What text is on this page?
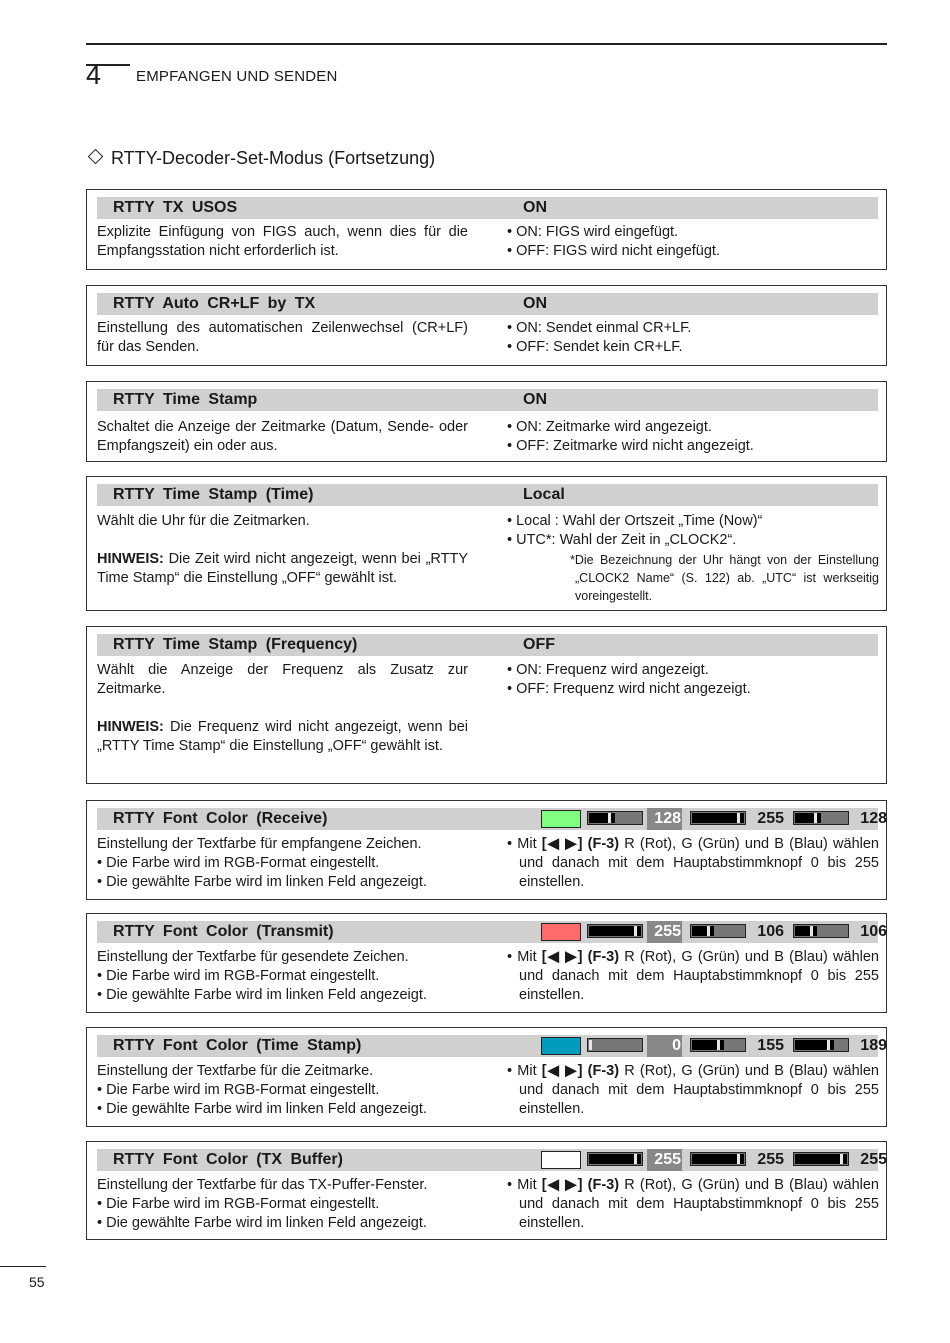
4 EMPFANGEN UND SENDEN
RTTY-Decoder-Set-Modus (Fortsetzung)
RTTY TX USOS	ON
Explizite Einfügung von FIGS auch, wenn dies für die Empfangsstation nicht erforderlich ist.
• ON: FIGS wird eingefügt.
• OFF: FIGS wird nicht eingefügt.
RTTY Auto CR+LF by TX	ON
Einstellung des automatischen Zeilenwechsel (CR+LF) für das Senden.
• ON: Sendet einmal CR+LF.
• OFF: Sendet kein CR+LF.
RTTY Time Stamp	ON
Schaltet die Anzeige der Zeitmarke (Datum, Sende- oder Empfangszeit) ein oder aus.
• ON: Zeitmarke wird angezeigt.
• OFF: Zeitmarke wird nicht angezeigt.
RTTY Time Stamp (Time)	Local
Wählt die Uhr für die Zeitmarken.
HINWEIS: Die Zeit wird nicht angezeigt, wenn bei „RTTY Time Stamp“ die Einstellung „OFF“ gewählt ist.
• Local : Wahl der Ortszeit „Time (Now)“
• UTC*: Wahl der Zeit in „CLOCK2“.
*Die Bezeichnung der Uhr hängt von der Einstellung „CLOCK2 Name“ (S. 122) ab. „UTC“ ist werkseitig voreingestellt.
RTTY Time Stamp (Frequency)	OFF
Wählt die Anzeige der Frequenz als Zusatz zur Zeitmarke.
HINWEIS: Die Frequenz wird nicht angezeigt, wenn bei „RTTY Time Stamp“ die Einstellung „OFF“ gewählt ist.
• ON: Frequenz wird angezeigt.
• OFF: Frequenz wird nicht angezeigt.
RTTY Font Color (Receive)	128	255	128
Einstellung der Textfarbe für empfangene Zeichen.
• Die Farbe wird im RGB-Format eingestellt.
• Die gewählte Farbe wird im linken Feld angezeigt.
• Mit [◀ ▶] (F-3) R (Rot), G (Grün) und B (Blau) wählen und danach mit dem Hauptabstimmknopf 0 bis 255 einstellen.
RTTY Font Color (Transmit)	255	106	106
Einstellung der Textfarbe für gesendete Zeichen.
• Die Farbe wird im RGB-Format eingestellt.
• Die gewählte Farbe wird im linken Feld angezeigt.
• Mit [◀ ▶] (F-3) R (Rot), G (Grün) und B (Blau) wählen und danach mit dem Hauptabstimmknopf 0 bis 255 einstellen.
RTTY Font Color (Time Stamp)	0	155	189
Einstellung der Textfarbe für die Zeitmarke.
• Die Farbe wird im RGB-Format eingestellt.
• Die gewählte Farbe wird im linken Feld angezeigt.
• Mit [◀ ▶] (F-3) R (Rot), G (Grün) und B (Blau) wählen und danach mit dem Hauptabstimmknopf 0 bis 255 einstellen.
RTTY Font Color (TX Buffer)	255	255	255
Einstellung der Textfarbe für das TX-Puffer-Fenster.
• Die Farbe wird im RGB-Format eingestellt.
• Die gewählte Farbe wird im linken Feld angezeigt.
• Mit [◀ ▶] (F-3) R (Rot), G (Grün) und B (Blau) wählen und danach mit dem Hauptabstimmknopf 0 bis 255 einstellen.
55
